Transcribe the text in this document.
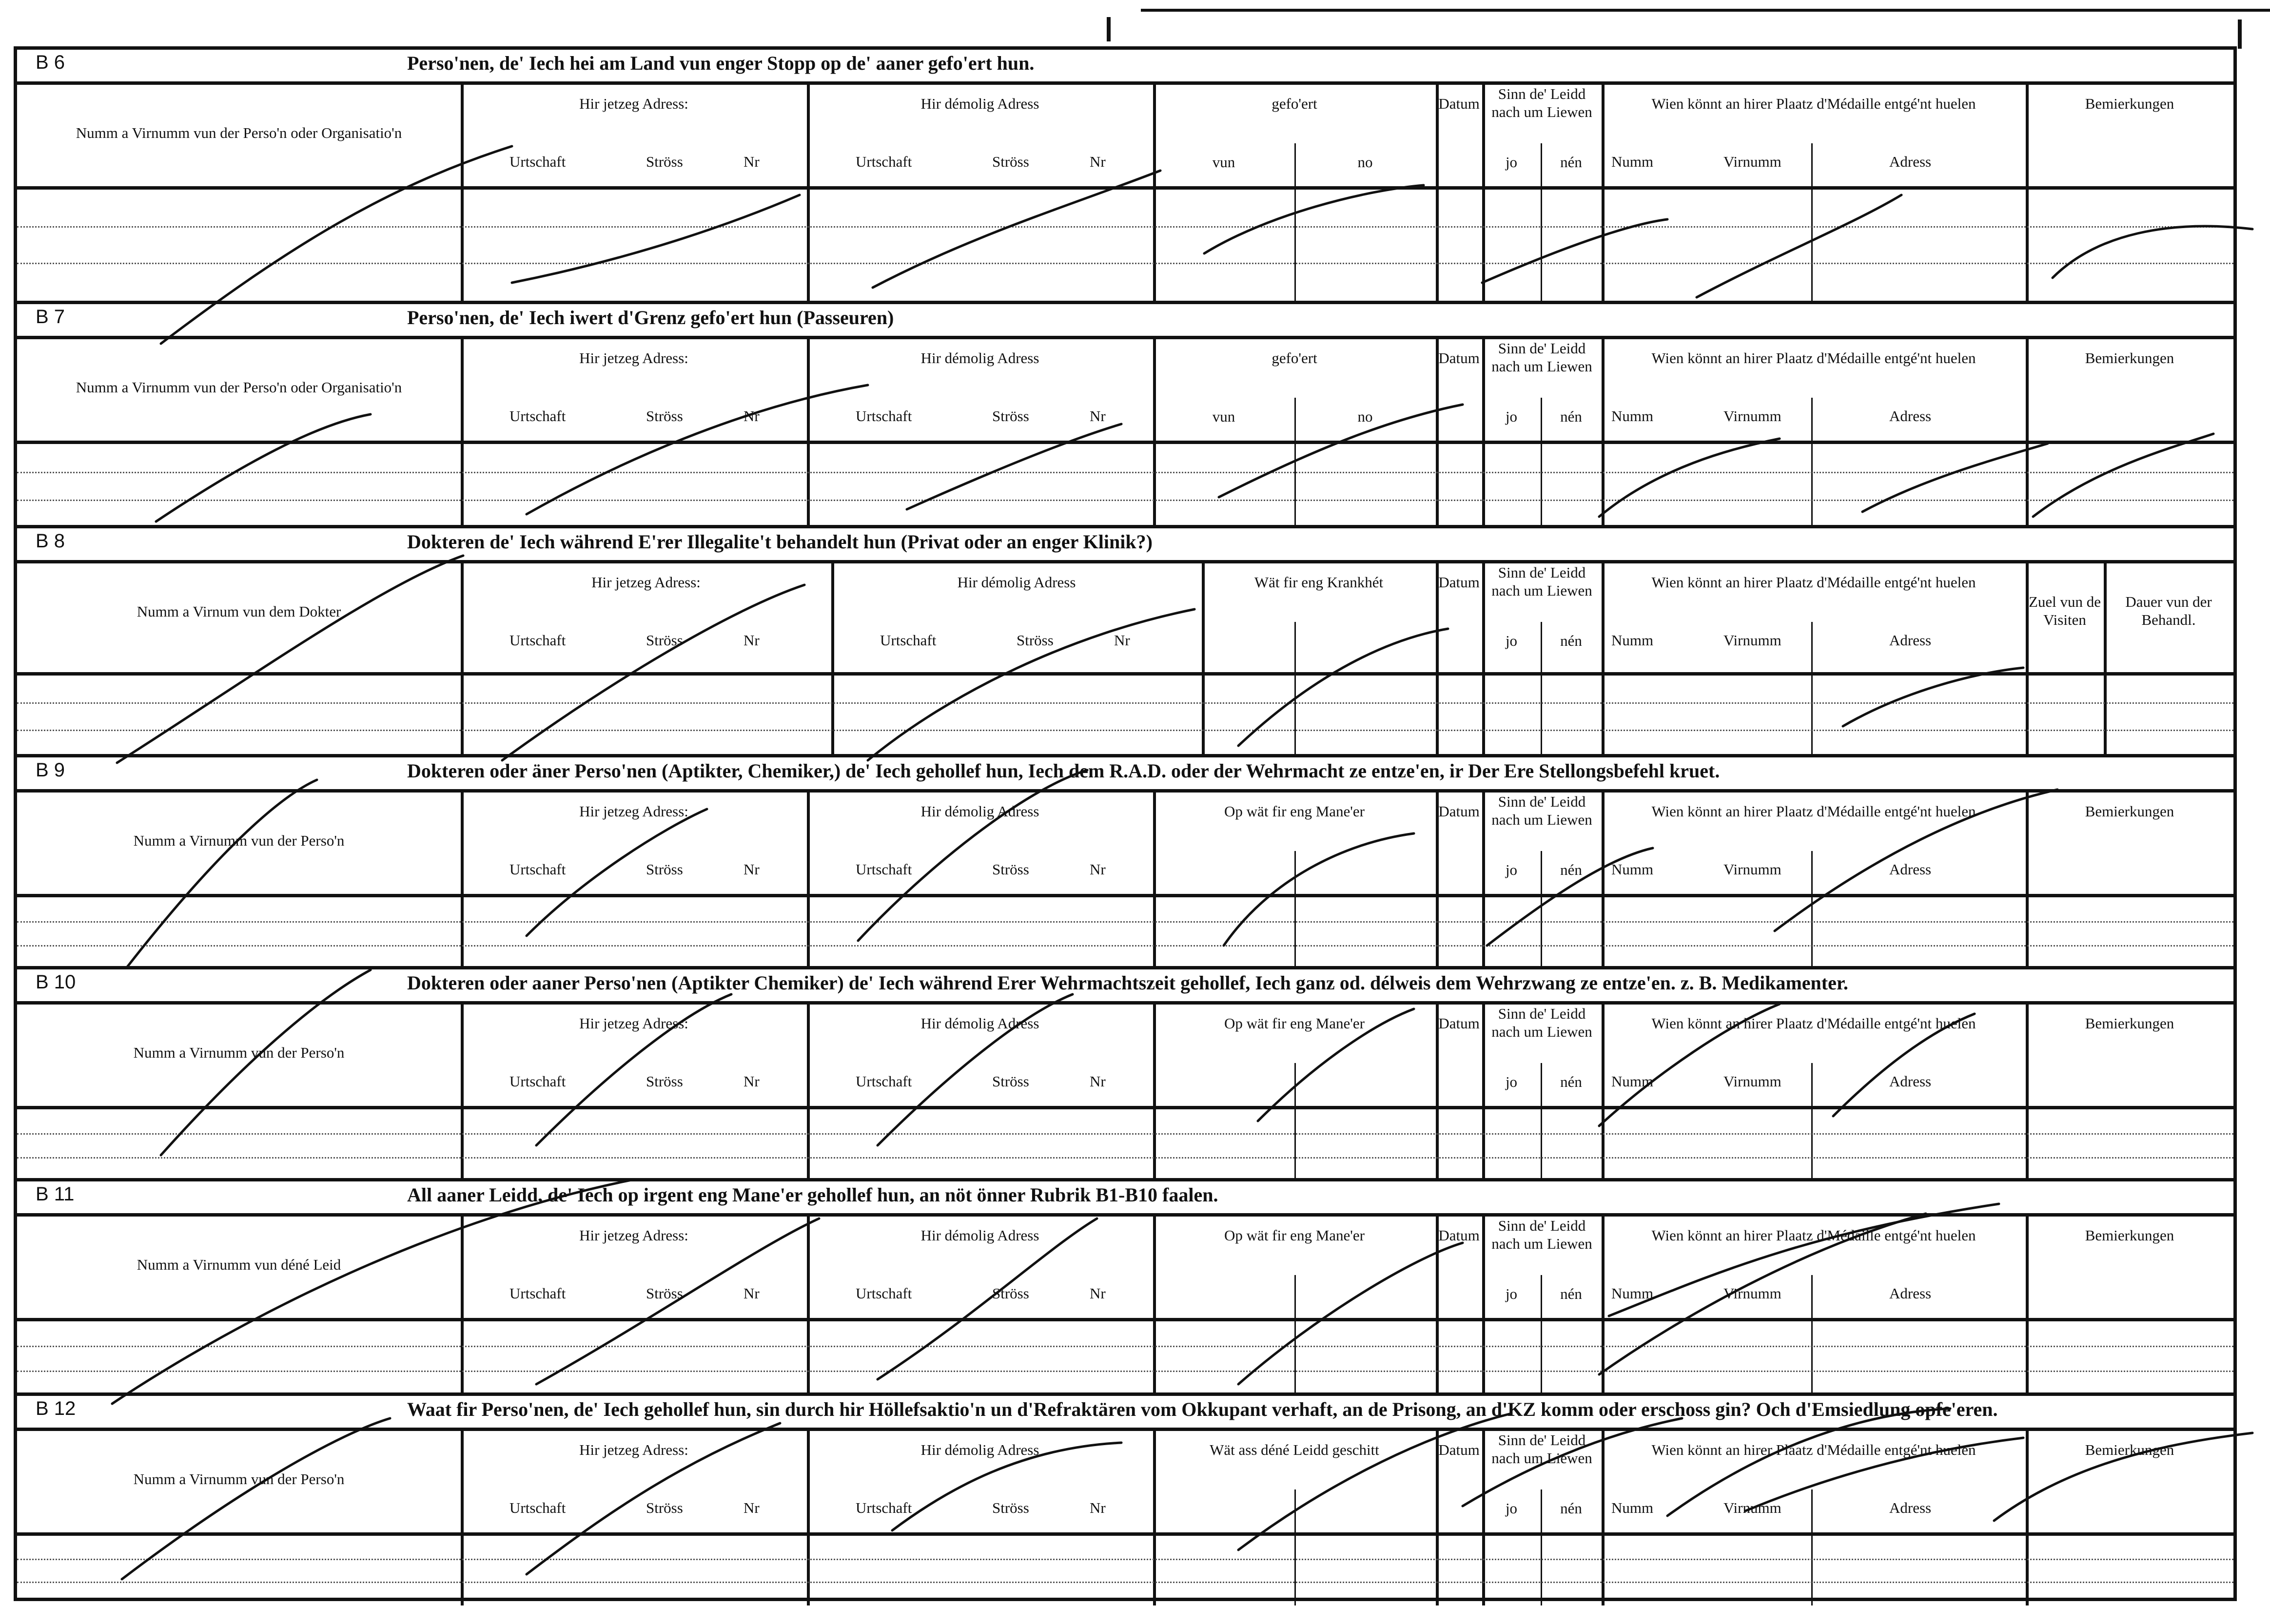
B 6	Perso'nen, de' Iech hei am Land vun enger Stopp op de' aaner gefo'ert hun.
Numm a Virnumm vun der Perso'n oder Organisatio'n
Hir jetzeg Adress:	Hir démolig Adress	gefo'ert	Datum
Sinn de' Leidd nach um Liewen	Wien könnt an hirer Plaatz d'Médaille entgé'nt huelen	Bemierkungen
vun	no	jo	nén
Urtschaft	Ströss	Nr	Urtschaft	Ströss	Nr	Numm	Virnumm	Adress
B 7	Perso'nen, de' Iech iwert d'Grenz gefo'ert hun (Passeuren)
Numm a Virnumm vun der Perso'n oder Organisatio'n
Hir jetzeg Adress:	Hir démolig Adress	gefo'ert	Datum
Sinn de' Leidd nach um Liewen	Wien könnt an hirer Plaatz d'Médaille entgé'nt huelen	Bemierkungen
vun	no	jo	nén
Urtschaft	Ströss	Nr	Urtschaft	Ströss	Nr	Numm	Virnumm	Adress
B 8	Dokteren de' Iech während E'rer Illegalite't behandelt hun (Privat oder an enger Klinik?)
Numm a Virnum vun dem Dokter
Hir jetzeg Adress:	Hir démolig Adress	Wät fir eng Krankhét	Datum
Sinn de' Leidd nach um Liewen	Wien könnt an hirer Plaatz d'Médaille entgé'nt huelen
Zuel vun de Visiten
Dauer vun der Behandl.
jo	nén
Urtschaft	Ströss	Nr	Urtschaft	Ströss	Nr	Numm	Virnumm	Adress
B 9	Dokteren oder äner Perso'nen (Aptikter, Chemiker,) de' Iech gehollef hun, Iech dem R.A.D. oder der Wehrmacht ze entze'en, ir Der Ere Stellongsbefehl kruet.
Numm a Virnumm vun der Perso'n
Hir jetzeg Adress:	Hir démolig Adress	Op wät fir eng Mane'er	Datum
Sinn de' Leidd nach um Liewen	Wien könnt an hirer Plaatz d'Médaille entgé'nt huelen	Bemierkungen
jo	nén
Urtschaft	Ströss	Nr	Urtschaft	Ströss	Nr	Numm	Virnumm	Adress
B 10	Dokteren oder aaner Perso'nen (Aptikter Chemiker) de' Iech während Erer Wehrmachtszeit gehollef, Iech ganz od. délweis dem Wehrzwang ze entze'en. z. B. Medikamenter.
Numm a Virnumm vun der Perso'n
Hir jetzeg Adress:	Hir démolig Adress	Op wät fir eng Mane'er	Datum
Sinn de' Leidd nach um Liewen	Wien könnt an hirer Plaatz d'Médaille entgé'nt huelen	Bemierkungen
jo	nén
Urtschaft	Ströss	Nr	Urtschaft	Ströss	Nr	Numm	Virnumm	Adress
B 11	All aaner Leidd, de' Iech op irgent eng Mane'er gehollef hun, an nöt önner Rubrik B1-B10 faalen.
Numm a Virnumm vun déné Leid
Hir jetzeg Adress:	Hir démolig Adress	Op wät fir eng Mane'er	Datum
Sinn de' Leidd nach um Liewen	Wien könnt an hirer Plaatz d'Médaille entgé'nt huelen	Bemierkungen
jo	nén
Urtschaft	Ströss	Nr	Urtschaft	Ströss	Nr	Numm	Virnumm	Adress
B 12	Waat fir Perso'nen, de' Iech gehollef hun, sin durch hir Höllefsaktio'n un d'Refraktären vom Okkupant verhaft, an de Prisong, an d'KZ komm oder erschoss gin? Och d'Emsiedlung opfe'eren.
Numm a Virnumm vun der Perso'n
Hir jetzeg Adress:	Hir démolig Adress	Wät ass déné Leidd geschitt	Datum
Sinn de' Leidd nach um Liewen	Wien könnt an hirer Plaatz d'Médaille entgé'nt huelen	Bemierkungen
jo	nén
Urtschaft	Ströss	Nr	Urtschaft	Ströss	Nr	Numm	Virnumm	Adress
